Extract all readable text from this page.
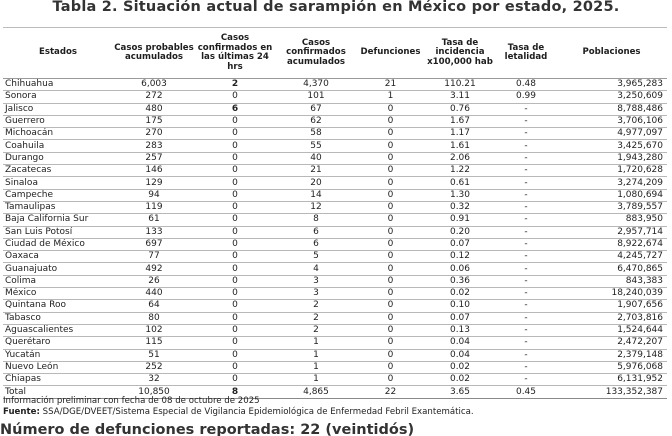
Tabla 2. Situación actual de sarampión en México por estado, 2025.
Estados	Casos probables acumulados	Casos confirmados en las últimas 24 hrs	Casos confirmados acumulados	Defunciones	Tasa de incidencia x100,000 hab	Tasa de letalidad	Poblaciones
Chihuahua	6,003	2	4,370	21	110.21	0.48	3,965,283
Sonora	272	0	101	1	3.11	0.99	3,250,609
Jalisco	480	6	67	0	0.76	-	8,788,486
Guerrero	175	0	62	0	1.67	-	3,706,106
Michoacán	270	0	58	0	1.17	-	4,977,097
Coahuila	283	0	55	0	1.61	-	3,425,670
Durango	257	0	40	0	2.06	-	1,943,280
Zacatecas	146	0	21	0	1.22	-	1,720,628
Sinaloa	129	0	20	0	0.61	-	3,274,209
Campeche	94	0	14	0	1.30	-	1,080,694
Tamaulipas	119	0	12	0	0.32	-	3,789,557
Baja California Sur	61	0	8	0	0.91	-	883,950
San Luis Potosí	133	0	6	0	0.20	-	2,957,714
Ciudad de México	697	0	6	0	0.07	-	8,922,674
Oaxaca	77	0	5	0	0.12	-	4,245,727
Guanajuato	492	0	4	0	0.06	-	6,470,865
Colima	26	0	3	0	0.36	-	843,383
México	440	0	3	0	0.02	-	18,240,039
Quintana Roo	64	0	2	0	0.10	-	1,907,656
Tabasco	80	0	2	0	0.07	-	2,703,816
Aguascalientes	102	0	2	0	0.13	-	1,524,644
Querétaro	115	0	1	0	0.04	-	2,472,207
Yucatán	51	0	1	0	0.04	-	2,379,148
Nuevo León	252	0	1	0	0.02	-	5,976,068
Chiapas	32	0	1	0	0.02	-	6,131,952
Total	10,850	8	4,865	22	3.65	0.45	133,352,387
Información preliminar con fecha de 08 de octubre de 2025
Fuente: SSA/DGE/DVEET/Sistema Especial de Vigilancia Epidemiológica de Enfermedad Febril Exantemática.
Número de defunciones reportadas: 22 (veintidós)
